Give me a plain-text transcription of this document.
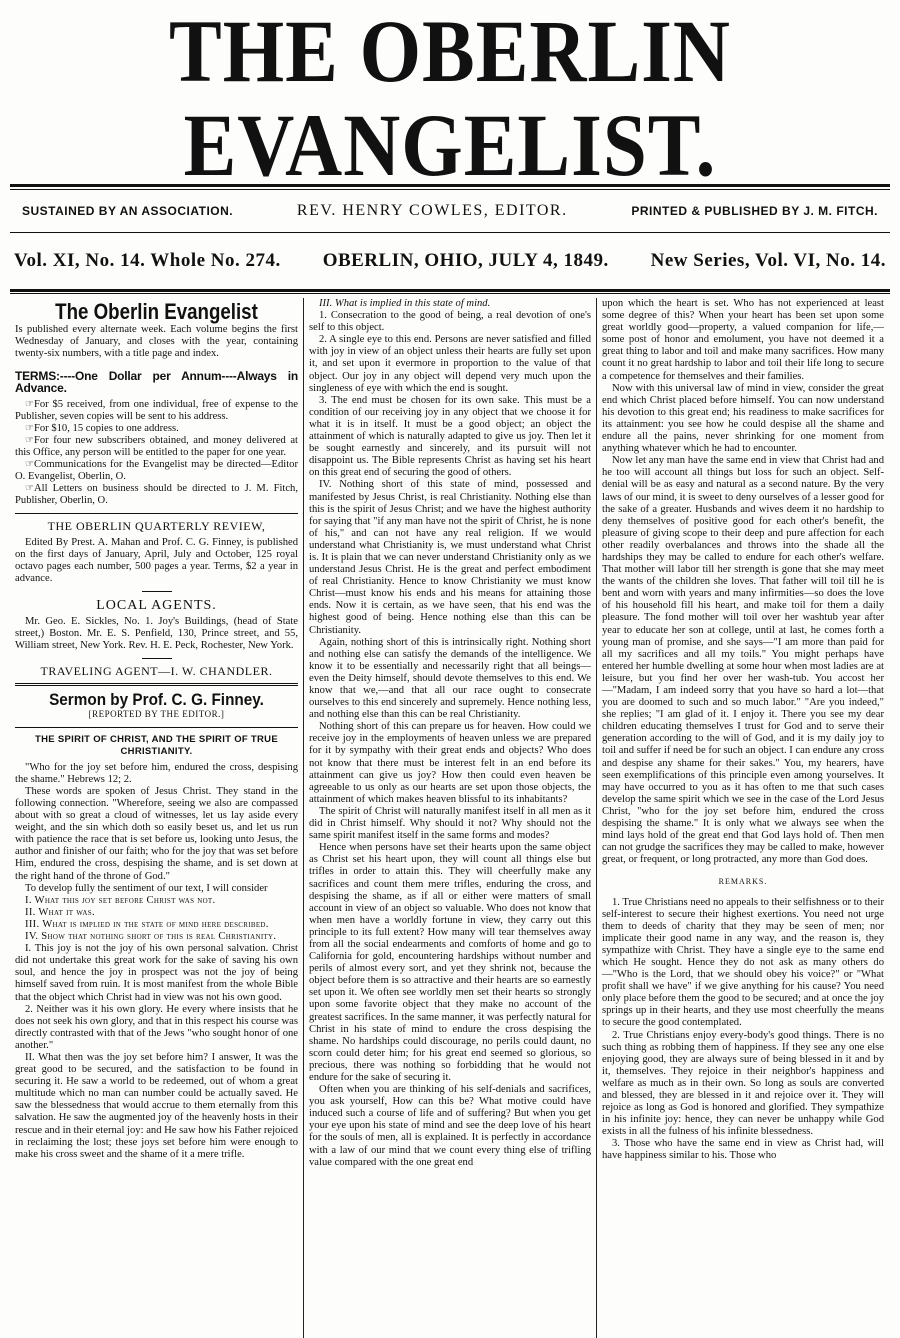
THE OBERLIN EVANGELIST.
SUSTAINED BY AN ASSOCIATION.	REV. HENRY COWLES, EDITOR.	PRINTED & PUBLISHED BY J. M. FITCH.
Vol. XI, No. 14. Whole No. 274. OBERLIN, OHIO, JULY 4, 1849. New Series, Vol. VI, No. 14.
The Oberlin Evangelist

Is published every alternate week. Each volume begins the first Wednesday of January, and closes with the year, containing twenty-six numbers, with a title page and index.

TERMS:----One Dollar per Annum----Always in Advance.

☞For $5 received, from one individual, free of expense to the Publisher, seven copies will be sent to his address.

☞For $10, 15 copies to one address.

☞For four new subscribers obtained, and money delivered at this Office, any person will be entitled to the paper for one year.

☞Communications for the Evangelist may be directed—Editor O. Evangelist, Oberlin, O.

☞All Letters on business should be directed to J. M. Fitch, Publisher, Oberlin, O.

THE OBERLIN QUARTERLY REVIEW,

Edited By Prest. A. Mahan and Prof. C. G. Finney, is published on the first days of January, April, July and October, 125 royal octavo pages each number, 500 pages a year. Terms, $2 a year in advance.

LOCAL AGENTS.

Mr. Geo. E. Sickles, No. 1. Joy's Buildings, (head of State street,) Boston. Mr. E. S. Penfield, 130, Prince street, and 55, William street, New York. Rev. H. E. Peck, Rochester, New York.

TRAVELING AGENT—I. W. CHANDLER.
Sermon by Prof. C. G. Finney.
[REPORTED BY THE EDITOR.]
THE SPIRIT OF CHRIST, AND THE SPIRIT OF TRUE CHRISTIANITY.

"Who for the joy set before him, endured the cross, despising the shame." Hebrews 12; 2.

These words are spoken of Jesus Christ. They stand in the following connection. "Wherefore, seeing we also are compassed about with so great a cloud of witnesses, let us lay aside every weight, and the sin which doth so easily beset us, and let us run with patience the race that is set before us, looking unto Jesus, the author and finisher of our faith; who for the joy that was set before Him, endured the cross, despising the shame, and is set down at the right hand of the throne of God."

To develop fully the sentiment of our text, I will consider

I. What this joy set before Christ was not.

II. What it was.

III. What is implied in the state of mind here described.

IV. Show that nothing short of this is real Christianity.

I. This joy is not the joy of his own personal salvation. Christ did not undertake this great work for the sake of saving his own soul, and hence the joy in prospect was not the joy of being himself saved from ruin. It is most manifest from the whole Bible that the object which Christ had in view was not his own good.

2. Neither was it his own glory. He every where insists that he does not seek his own glory, and that in this respect his course was directly contrasted with that of the Jews "who sought honor of one another."

II. What then was the joy set before him? I answer, It was the great good to be secured, and the satisfaction to be found in securing it. He saw a world to be redeemed, out of whom a great multitude which no man can number could be actually saved. He saw the blessedness that would accrue to them eternally from this salvation. He saw the augmented joy of the heavenly hosts in their rescue and in their eternal joy: and He saw how his Father rejoiced in reclaiming the lost; these joys set before him were enough to make his cross sweet and the shame of it a mere trifle.

III. What is implied in this state of mind.

1. Consecration to the good of being, a real devotion of one's self to this object.

2. A single eye to this end. Persons are never satisfied and filled with joy in view of an object unless their hearts are fully set upon it, and set upon it evermore in proportion to the value of that object. Our joy in any object will depend very much upon the singleness of eye with which the end is sought.

3. The end must be chosen for its own sake. This must be a condition of our receiving joy in any object that we choose it for what it is in itself. It must be a good object; an object the attainment of which is naturally adapted to give us joy. Then let it be sought earnestly and sincerely, and its pursuit will not disappoint us. The Bible represents Christ as having set his heart on this great end of securing the good of others.

IV. Nothing short of this state of mind, possessed and manifested by Jesus Christ, is real Christianity. Nothing else than this is the spirit of Jesus Christ; and we have the highest authority for saying that "if any man have not the spirit of Christ, he is none of his," and can not have any real religion. If we would understand what Christianity is, we must understand what Christ is. It is plain that we can never understand Christianity only as we understand Jesus Christ. He is the great and perfect embodiment of real Christianity. Hence to know Christianity we must know Christ—must know his ends and his means for attaining those ends. Now it is certain, as we have seen, that his end was the highest good of being. Hence nothing else than this can be Christianity.

Again, nothing short of this is intrinsically right. Nothing short and nothing else can satisfy the demands of the intelligence. We know it to be essentially and necessarily right that all beings—even the Deity himself, should devote themselves to this end. We know that we,—and that all our race ought to consecrate ourselves to this end sincerely and supremely. Hence nothing less, and nothing else than this can be real Christianity.

Nothing short of this can prepare us for heaven. How could we receive joy in the employments of heaven unless we are prepared for it by sympathy with their great ends and objects? Who does not know that there must be interest felt in an end before its attainment can give us joy? How then could even heaven be agreeable to us only as our hearts are set upon those objects, the attainment of which makes heaven blissful to its inhabitants?

The spirit of Christ will naturally manifest itself in all men as it did in Christ himself. Why should it not? Why should not the same spirit manifest itself in the same forms and modes?

Hence when persons have set their hearts upon the same object as Christ set his heart upon, they will count all things else but trifles in order to attain this. They will cheerfully make any sacrifices and count them mere trifles, enduring the cross, and despising the shame, as if all or either were matters of small account in view of an object so valuable. Who does not know that when men have a worldly fortune in view, they carry out this principle to its full extent? How many will tear themselves away from all the social endearments and comforts of home and go to California for gold, encountering hardships without number and perils of almost every sort, and yet they shrink not, because the object before them is so attractive and their hearts are so earnestly set upon it. We often see worldly men set their hearts so strongly upon some favorite object that they make no account of the greatest sacrifices. In the same manner, it was perfectly natural for Christ in his state of mind to endure the cross despising the shame. No hardships could discourage, no perils could daunt, no scorn could deter him; for his great end seemed so glorious, so precious, there was nothing so forbidding that he would not endure for the sake of securing it.

Often when you are thinking of his self-denials and sacrifices, you ask yourself, How can this be? What motive could have induced such a course of life and of suffering? But when you get your eye upon his state of mind and see the deep love of his heart for the souls of men, all is explained. It is perfectly in accordance with a law of our mind that we count every thing else of trifling value compared with the one great end

upon which the heart is set. Who has not experienced at least some degree of this? When your heart has been set upon some great worldly good—property, a valued companion for life,—some post of honor and emolument, you have not deemed it a great thing to labor and toil and make many sacrifices. How many count it no great hardship to labor and toil their life long to secure a competence for themselves and their families.

Now with this universal law of mind in view, consider the great end which Christ placed before himself. You can now understand his devotion to this great end; his readiness to make sacrifices for its attainment: you see how he could despise all the shame and endure all the pains, never shrinking for one moment from anything whatever which he had to encounter.

Now let any man have the same end in view that Christ had and he too will account all things but loss for such an object. Self-denial will be as easy and natural as a second nature. By the very laws of our mind, it is sweet to deny ourselves of a lesser good for the sake of a greater. Husbands and wives deem it no hardship to deny themselves of positive good for each other's benefit, the pleasure of giving scope to their deep and pure affection for each other readily overbalances and throws into the shade all the hardships they may be called to endure for each other's welfare. That mother will labor till her strength is gone that she may meet the wants of the children she loves. That father will toil till he is bent and worn with years and many infirmities—so does the love of his household fill his heart, and make toil for them a daily pleasure. The fond mother will toil over her washtub year after year to educate her son at college, until at last, he comes forth a young man of promise, and she says—"I am more than paid for all my sacrifices and all my toils." You might perhaps have entered her humble dwelling at some hour when most ladies are at leisure, but you find her over her wash-tub. You accost her—"Madam, I am indeed sorry that you have so hard a lot—that you are doomed to such and so much labor." "Are you indeed," she replies; "I am glad of it. I enjoy it. There you see my dear children educating themselves I trust for God and to serve their generation according to the will of God, and it is my daily joy to toil and suffer if need be for such an object. I can endure any cross and despise any shame for their sakes." You, my hearers, have seen exemplifications of this principle even among yourselves. It may have occurred to you as it has often to me that such cases develop the same spirit which we see in the case of the Lord Jesus Christ, "who for the joy set before him, endured the cross despising the shame." It is only what we always see when the mind lays hold of the great end that God lays hold of. Then men can not grudge the sacrifices they may be called to make, however great, or frequent, or long protracted, any more than God does.

REMARKS.

1. True Christians need no appeals to their selfishness or to their self-interest to secure their highest exertions. You need not urge them to deeds of charity that they may be seen of men; nor implicate their good name in any way, and the reason is, they sympathize with Christ. They have a single eye to the same end which He sought. Hence they do not ask as many others do—"Who is the Lord, that we should obey his voice?" or "What profit shall we have" if we give anything for his cause? You need only place before them the good to be secured; and at once the joy springs up in their hearts, and they use most cheerfully the means to secure the good contemplated.

2. True Christians enjoy every-body's good things. There is no such thing as robbing them of happiness. If they see any one else enjoying good, they are always sure of being blessed in it and by it, themselves. They rejoice in their neighbor's happiness and welfare as much as in their own. So long as souls are converted and blessed, they are blessed in it and rejoice over it. They will rejoice as long as God is honored and glorified. They sympathize in his infinite joy: hence, they can never be unhappy while God exists in all the fulness of his infinite blessedness.

3. Those who have the same end in view as Christ had, will have happiness similar to his. Those who
